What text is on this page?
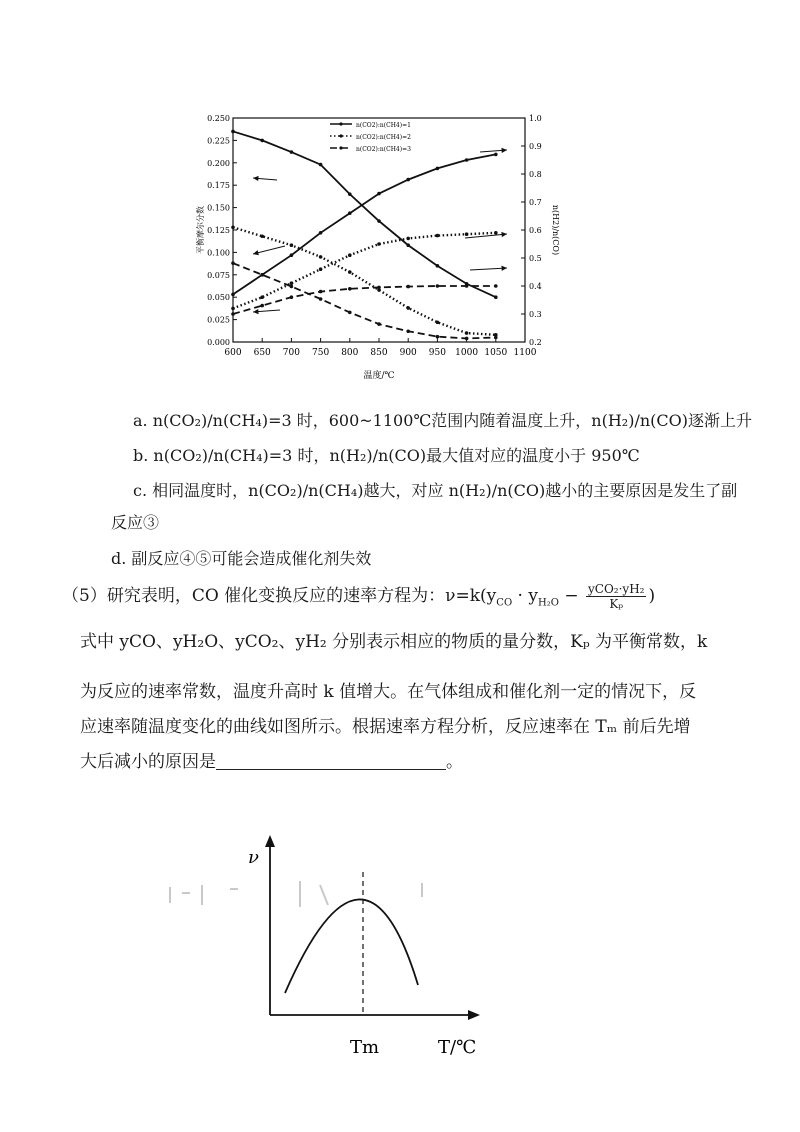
600 650 700 750 800 850 900 950 1000 1050 1100
0.000
0.025
0.050
0.075
0.100
0.125
0.150
0.175
0.200
0.225
0.250
0.2
0.3
0.4
0.5
0.6
0.7
0.8
0.9
1.0
温度/℃
平衡摩尔分数	n(H2)/n(CO)
n(CO2):n(CH4)=1
n(CO2):n(CH4)=2
n(CO2):n(CH4)=3
a. n(CO₂)/n(CH₄)=3 时，600~1100℃范围内随着温度上升，n(H₂)/n(CO)逐渐上升
b. n(CO₂)/n(CH₄)=3 时，n(H₂)/n(CO)最大值对应的温度小于 950℃
c. 相同温度时，n(CO₂)/n(CH₄)越大，对应 n(H₂)/n(CO)越小的主要原因是发生了副
反应③
d. 副反应④⑤可能会造成催化剂失效
（5）研究表明，CO 催化变换反应的速率方程为：$\nu=k(y_{CO} \cdot y_{H_2O} - \frac{\text{yCO₂·yH₂}}{\text{Kₚ}}$ )
式中 yCO、yH₂O、yCO₂、yH₂ 分别表示相应的物质的量分数，Kₚ 为平衡常数，k
为反应的速率常数，温度升高时 k 值增大。在气体组成和催化剂一定的情况下，反
应速率随温度变化的曲线如图所示。根据速率方程分析，反应速率在 Tₘ 前后先增
大后减小的原因是	。
ν
Tm	T/℃
